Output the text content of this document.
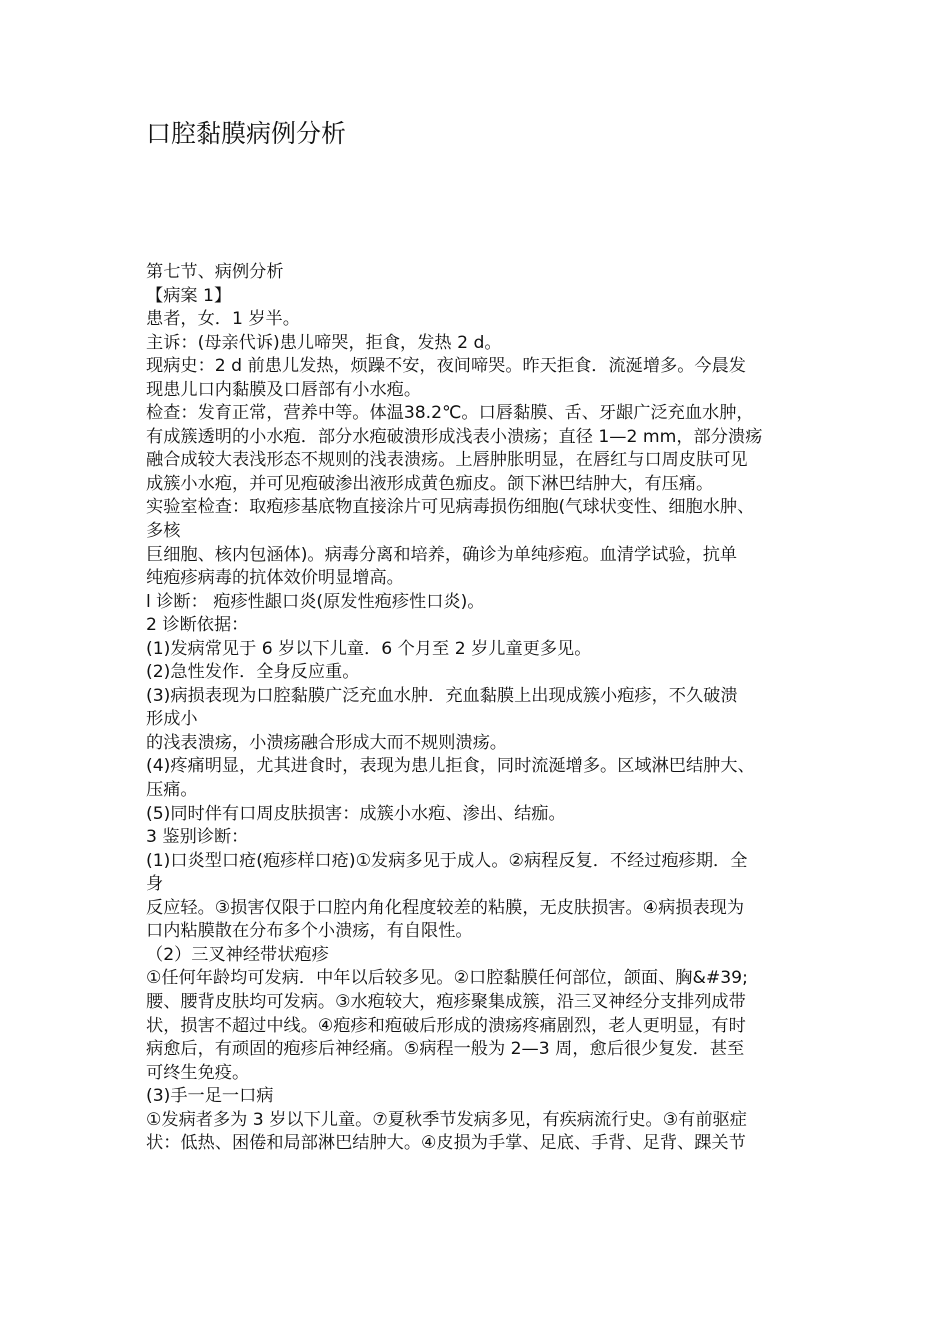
口腔黏膜病例分析
第七节、病例分析
【病案 1】
患者，女．1 岁半。
主诉：(母亲代诉)患儿啼哭，拒食，发热 2 d。
现病史：2 d 前患儿发热，烦躁不安，夜间啼哭。昨天拒食．流涎增多。今晨发
现患儿口内黏膜及口唇部有小水疱。
检查：发育正常，营养中等。体温38.2℃。口唇黏膜、舌、牙龈广泛充血水肿，
有成簇透明的小水疱．部分水疱破溃形成浅表小溃疡；直径 1—2 mm，部分溃疡
融合成较大表浅形态不规则的浅表溃疡。上唇肿胀明显，在唇红与口周皮肤可见
成簇小水疱，并可见疱破渗出液形成黄色痂皮。颌下淋巴结肿大，有压痛。
实验室检查：取疱疹基底物直接涂片可见病毒损伤细胞(气球状变性、细胞水肿、
多核
巨细胞、核内包涵体)。病毒分离和培养，确诊为单纯疹疱。血清学试验，抗单
纯疱疹病毒的抗体效价明显增高。
l 诊断： 疱疹性龈口炎(原发性疱疹性口炎)。
2 诊断依据：
(1)发病常见于 6 岁以下儿童．6 个月至 2 岁儿童更多见。
(2)急性发作．全身反应重。
(3)病损表现为口腔黏膜广泛充血水肿．充血黏膜上出现成簇小疱疹，不久破溃
形成小
的浅表溃疡，小溃疡融合形成大而不规则溃疡。
(4)疼痛明显，尤其进食时，表现为患儿拒食，同时流涎增多。区域淋巴结肿大、
压痛。
(5)同时伴有口周皮肤损害：成簇小水疱、渗出、结痂。
3 鉴别诊断：
(1)口炎型口疮(疱疹样口疮)①发病多见于成人。②病程反复．不经过疱疹期．全
身
反应轻。③损害仅限于口腔内角化程度较差的粘膜，无皮肤损害。④病损表现为
口内粘膜散在分布多个小溃疡，有自限性。
（2）三叉神经带状疱疹
①任何年龄均可发病．中年以后较多见。②口腔黏膜任何部位，颌面、胸&#39;
腰、腰背皮肤均可发病。③水疱较大，疱疹聚集成簇，沿三叉神经分支排列成带
状，损害不超过中线。④疱疹和疱破后形成的溃疡疼痛剧烈，老人更明显，有时
病愈后，有顽固的疱疹后神经痛。⑤病程一般为 2—3 周，愈后很少复发．甚至
可终生免疫。
(3)手一足一口病
①发病者多为 3 岁以下儿童。⑦夏秋季节发病多见，有疾病流行史。③有前驱症
状：低热、困倦和局部淋巴结肿大。④皮损为手掌、足底、手背、足背、踝关节
